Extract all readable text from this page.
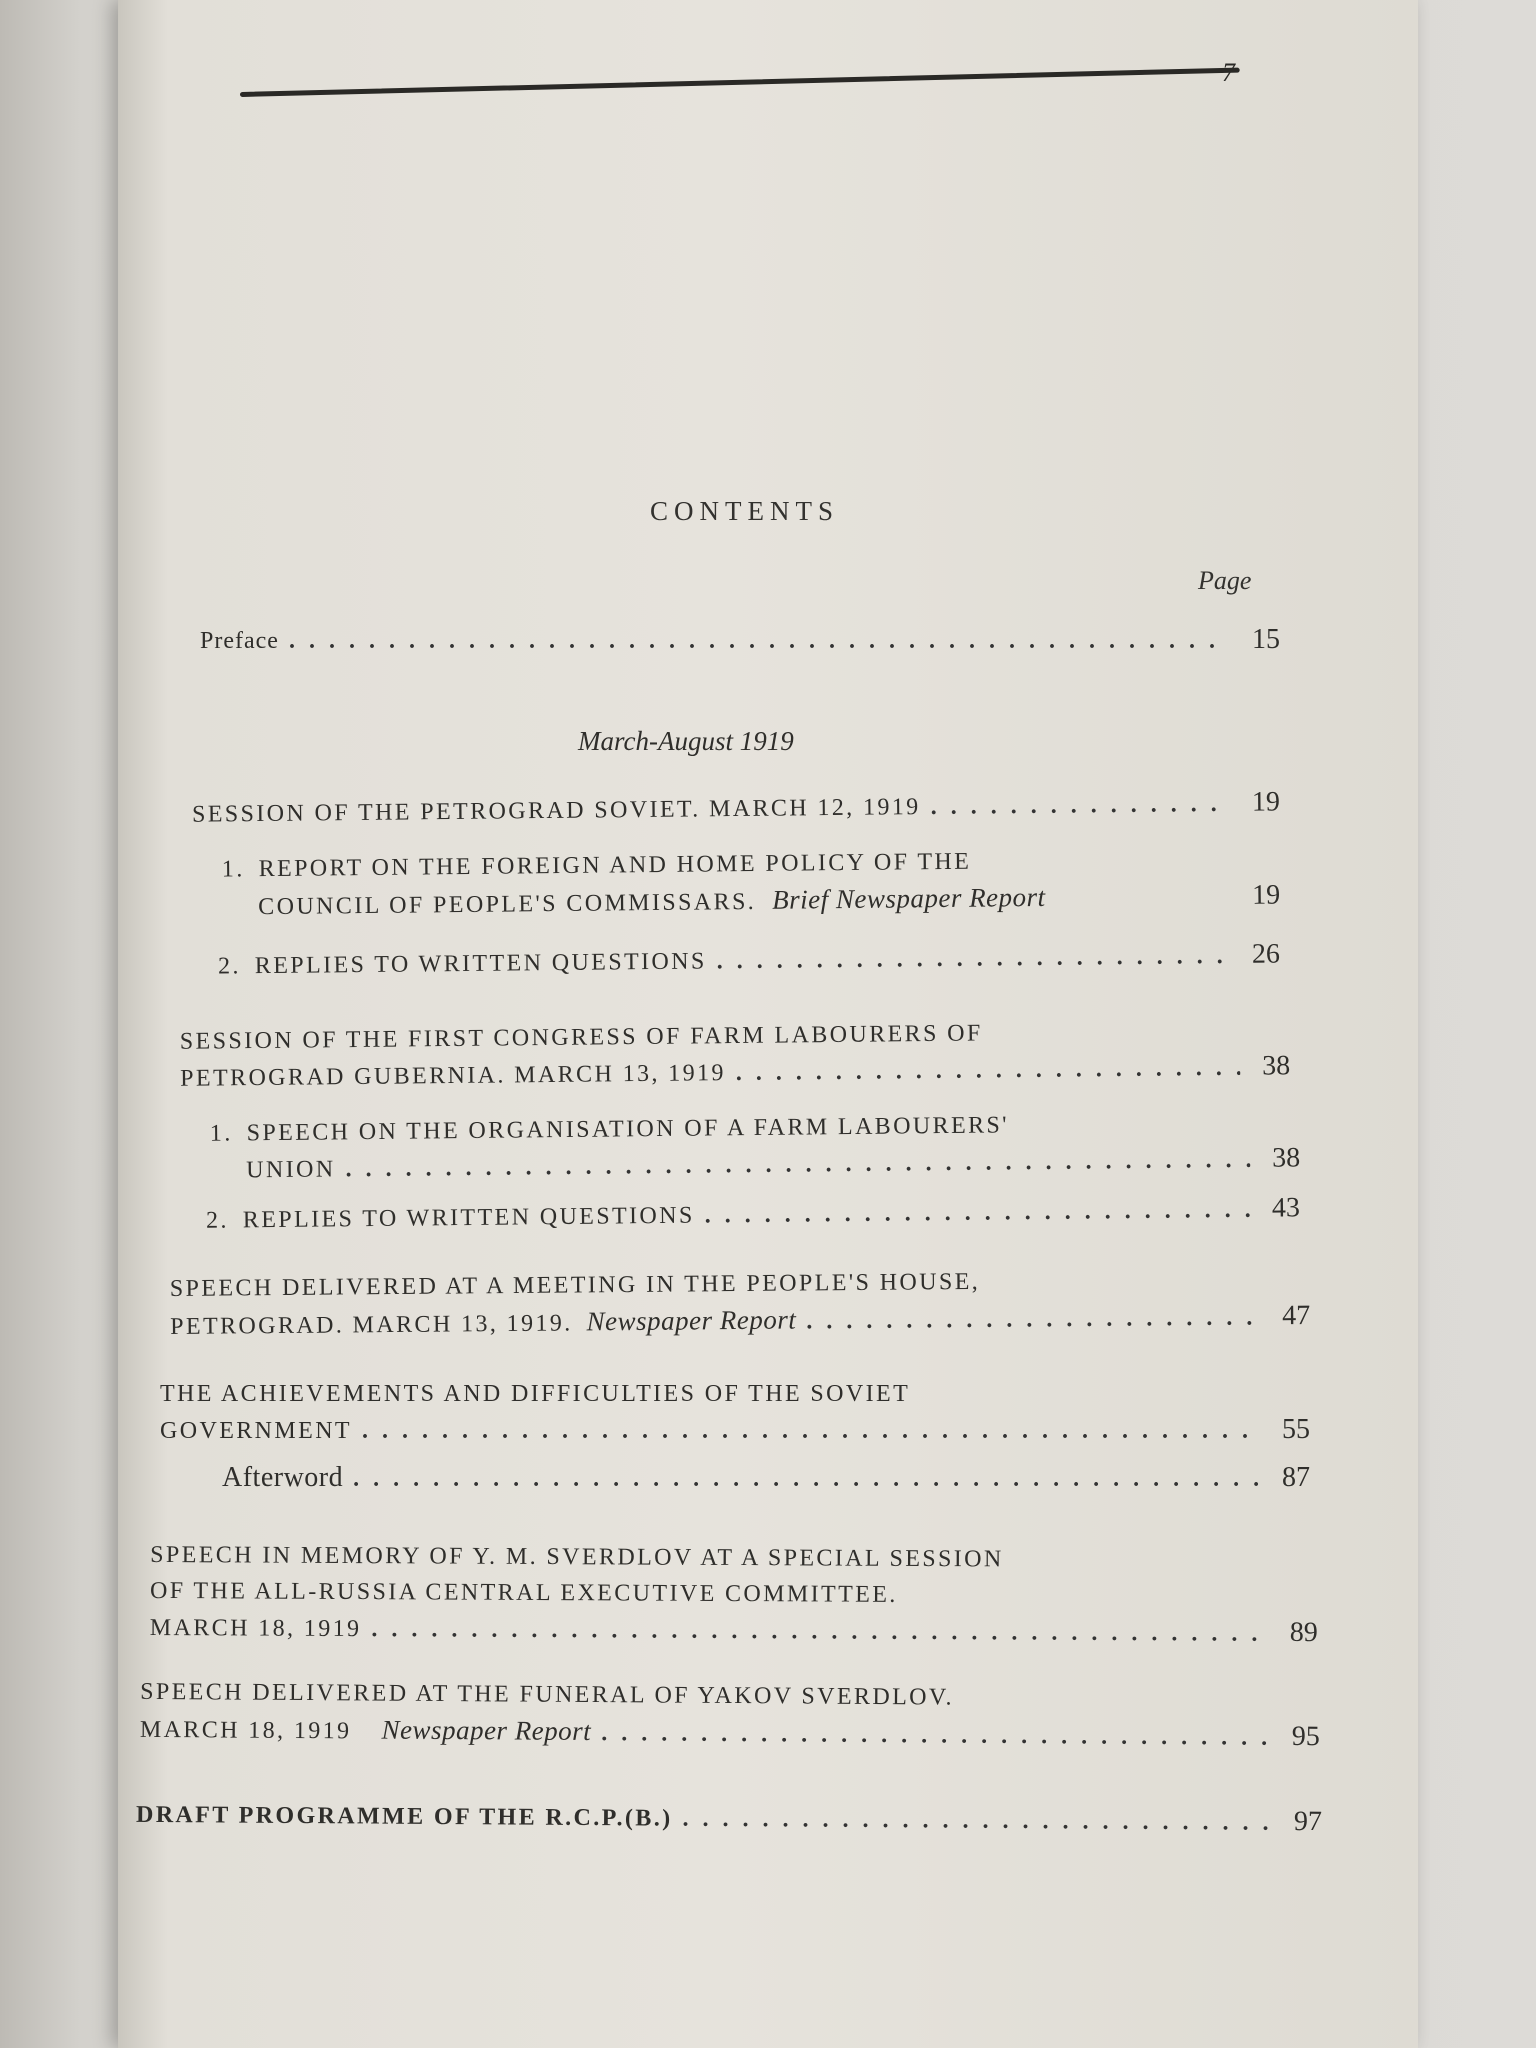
CONTENTS
Page
Preface . . .	15
March-August 1919
SESSION OF THE PETROGRAD SOVIET. MARCH 12, 1919 . . .	19
1. REPORT ON THE FOREIGN AND HOME POLICY OF THE
COUNCIL OF PEOPLE'S COMMISSARS. Brief Newspaper Report	19
2. REPLIES TO WRITTEN QUESTIONS . . .	26
SESSION OF THE FIRST CONGRESS OF FARM LABOURERS OF
PETROGRAD GUBERNIA. MARCH 13, 1919 . . .	38
1. SPEECH ON THE ORGANISATION OF A FARM LABOURERS'
UNION . . .	38
2. REPLIES TO WRITTEN QUESTIONS . . .	43
SPEECH DELIVERED AT A MEETING IN THE PEOPLE'S HOUSE,
PETROGRAD. MARCH 13, 1919. Newspaper Report . . .	47
THE ACHIEVEMENTS AND DIFFICULTIES OF THE SOVIET
GOVERNMENT . . .	55
Afterword . . .	87
SPEECH IN MEMORY OF Y. M. SVERDLOV AT A SPECIAL SESSION
OF THE ALL-RUSSIA CENTRAL EXECUTIVE COMMITTEE.
MARCH 18, 1919 . . .	89
SPEECH DELIVERED AT THE FUNERAL OF YAKOV SVERDLOV.
MARCH 18, 1919 Newspaper Report . . .	95
DRAFT PROGRAMME OF THE R.C.P.(B.) . . .	97
